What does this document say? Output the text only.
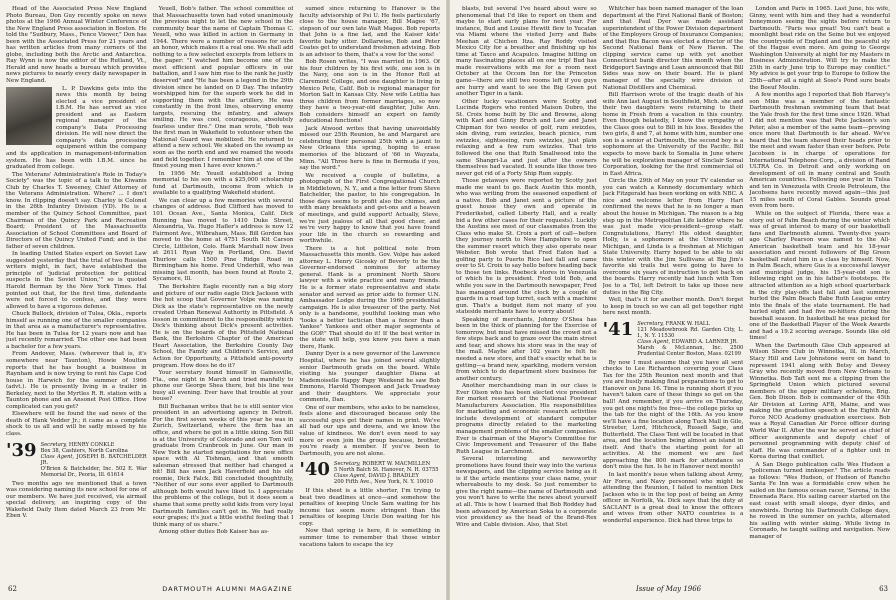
Head of the Associated Press New England Photo Bureau, Don Guy recently spoke on news photos at the 1966 Annual Winter Conference of the New England Press association in Boston. He told the "Sudbury, Mass., Fence Viewer," Don has been with the Associated Press for 21 years and has written articles from many corners of the globe, including both the Arctic and Antarctica. Ray Wynn is now the editor of the Rutland, Vt., Herald and now heads a bureau which provides news pictures to nearly every daily newspaper in New England.

L. P. Dawkins gets into the news this month by being elected a vice president of I.B.M. He has served as vice president and as Eastern regional manager of the company's Data Processing division. He will now direct the company's data processing equipment within the company and its application in management-information system. He has been with I.B.M. since he graduated from college.

The Veterans' Administration's Role in Today's Society" was the topic of a talk to the Kiwanis Club by Charles T. Sweeney, Chief Attorney of the Veterans Administration. Where? ... I don't know. In clipping doesn't say. Charley is Colonel in the 26th Infantry Division (YD). He is a member of the Quincy School Committee, past Chairman of the Quincy Park and Recreation Board; President of the Massachusetts Association of School Committees and Board of Directors of the Quincy United Fund; and is the father of seven children.

In leading United States expert on Soviet Law suggested yesterday that the trial of two Russian writers might, in fact, have established the principle of 'judicial protection for political suspects in the Soviet Union,'" so is quoted Harold Berman by the New York Times. Hal pointed out that, for the first time, defendants were not forced to confess, and they were allowed to have a vigorous defense.

Chuck Bullock, division of Tulsa, Okla., reports himself as running one of the smaller companies in that area as a manufacturer's representative. He has been in Tulsa for 12 years now and has just recently remarried. The other one had been a bachelor for a few years.

From Andover, Mass. (wherever that is, it's somewhere near Taunton), Howie Moulton reports that he has bought a business in Raynham and is now trying to rent his Cape Cod house in Harwich for the summer of 1966 (advt.). He is presently living in a trailer in Berkeley, next to the Myrtles R. R. station with a Taunton phone and an Ansonet Post Office. How complicated can you get?

Elsewhere will be found the sad news of the death of Hank Vedder Jr.; it came as a complete shock to us all and will be sadly missed by his class.

'39 Secretary, HENRY CONKLE
Box 38, Cashiers, North Carolina
Class Agent, JOSEPH B. BATCHELDER JR.
O'Brien & Batchelder, Inc. 502 E. War Memorial Dr., Peoria, Ill. 61614

Two months ago we mentioned that a town was considering naming its new school for one of our members. We have just received, via airmail special delivery, an inspiring copy of the Wakefield Daily Item dated March 23 from Mr. Eben V.

Yeuell, Bob's father. The school committee of that Massachusetts town had voted unanimously the previous night to let the new school in the community bear the name of Captain Thomas C. Yeuell, who was killed in action in Germany in 1944. There were a number of reasons for such an honor, which makes it a real one. We shall add nothing to a few selected excerpts from letters in the paper: "I watched him become one of the most efficient and popular officers in our battalion, and I saw him rise to the rank he justly deserved" and "He has been a legend in the 29th division since he landed on D Day. The infantry worshipped him for the superb work he did in supporting them with the artillery. He was constantly in the front lines, observing enemy targets, rescuing the infantry, and always smiling. He was cool, courageous, absolutely fearless under fire." One man wrote, "Bob was the first man in Wakefield to volunteer when the National Guard was mobilized. He returned to attend a new school. We skated on the swamp as soon as the north end and we roamed the woods and field together. I remember him at one of the finest young men I have ever known."

In 1956 Mr. Yeuell established a living memorial to his son with a $25,000 scholarship fund at Dartmouth, income from which is available to a qualifying Wakefield student.

We can clear up a few memories with several changes of address. Bud Clifford has moved to 101 Ocean Ave., Santa Monica, Calif. Dick Bunning has moved to 1410 Duke Street, Alexandria, Va. Hugo Hafler's address is now 12 Fairmont Ave., Wilbraham, Mass. Bill Gordon has moved to the home at 4751 South Kit Carson Circle, Littleton, Colo. Hank Marshall now lives at 2611 Ryan Way in Portland, Ore. David Thurlow calls 1500 Pine Ridge Road in Birmingham his home. Fred Underhill, who was missing last month, has been found at Route 2, Sycamore, Ill.

The Berkshire Eagle recently ran a big story and picture of our radio eagle Dick Jackson with the hot scoop that Governor Volpe was naming Dick as the state's representative on the newly created Urban Renewal Authority in Pittsfield. A lesson in commitment to the responsibility which Dick's thinking about Dick's present activities. He is on the boards of the Pittsfield National Bank, the Berkshire Chapter of the American Heart Association, the Berkshire County Day School, the Family and Children's Service, and Action for Opportunity, a Pittsfield anti-poverty program. How does he do it?

Your secretary found himself in Gainesville, Fla., one night in March and tried manfully to phone our George Shea there, but his line was busy all evening. Ever have that trouble at your house?

Bill Buchanan writes that he is still senior vice president in an advertising agency in Detroit. For the first seven weeks of this year he was in Zurich, Switzerland, where the firm has an office, and where he got in a little skiing. Son Bill is at the University of Colorado and son Tom will graduate from Cranbrook in June. Our man in New York he started negotiations for new office space with Al Tishman, and that smooth salesman stressed that neither had changed a bit! Bill has seen Jack Haverfield and his old roomie, Dick Falck. Bill concluded thoughtfully, "Neither of our sons ever applied to Dartmouth although both would have liked to. I appreciate the problems of the college, but it does seem a shame that some pretty solid kids from very loyal Dartmouth families can't get in. We had really sour grapes; it's just a little wistful feeling that I think many of us share."

Among other duties Bob Kaiser has as-

sumed since returning to Hanover is the faculty advisorship of Psi U. He feels particularly close to the house manager, Bill Magee '67, stepson of our own late Walt Magee. Bob reports that John is a fine lad, and the Kaiser kids' favorite baby sitter. Dollarwise, Bob and Peter Coates get to understand freshmen advising. Bob is an advisor to them, that's a vow for the sons!

Bob Rosen writes, "I was married in 1963. Of his four children by his first wife, one son is in the Navy, one son is in the Honor Roll at Claremont College, and one daughter is living in Mexico Pete, Calif. Bob is regional manager for Morton Salt in Kansas City. New wife Letitia has three children from former marriages, so now they have a two-year-old daughter, Julie Ann. Bob considers himself an expert on family educational functions!

Jack Atwood writes that having unavoidably missed our 25th Reunion, he and Margaret are celebrating their personal 25th with a jaunt to New Orleans this spring, hoping to erase memories of the blizzard of '66 in Wayzata, Minn. "All Three here is fine in Bermuda if you, say the word."

We received a couple of bulletins, a photograph of the First Congregational Church in Middletown, N. Y., and a fine letter from Steve Batchelder, the pastor, to his congregation. In those days seems to profit also the chimes, and with many breakfasts and get-ons and a heaven of meetings, and guild support! Actually, Steve, we're just jealous of all that good cheer, and we're very happy to know that you have found your life in the church so rewarding and worthwhile.

There is a hot political note from Massachusetts this month. Gov. Volpe has asked attorney L. Henry Gicosky of Beverly to be the Governor-endorsed nominee for attorney general. Hank is a prominent North Shore lawyer with a wide practice and many friends. He is a former state representative and state senator and served as prior aide to former U.N. Ambassador Lodge during the 1960 presidential campaign. He is also treasurer of the party. Not only is a handsome, youthful looking man who "looks a better tactician than a fencer than a Yankee" Yankees and other major segments of the GOP." That should do it! If the best writer in the state will help, you know you have a man there, Hank.

Danny Dyer is a new governor of the Lawrence Hospital, where he has joined several slightly senior Dartmouth grads on the board. While visiting his younger daughter Diana at Mademoiselle Happy Papy Weekend he saw Bob Emmons, Harold Thompson and Jack Treadway and their daughters. We appreciate your comments, Dan.

One of our members, who asks to be nameless, feels alone and discouraged because only the successful guys get their names in print. We've all had our ups and downs, and we know the value of kindness. We don't even need to say more or even join the group because, brother, you're ready a member. If you've been to Dartmouth, you are not alone.

'40 Secretary, ROBERT W. MACMILLEN
5 North Balch St. Hanover, N. H. 03755
Class Agent, DAVID J. BRADLEY
200 Fifth Ave., New York, N. Y. 10010

If this sheet is a little shorter, I'm trying to beat two deadlines at once—and somehow the penalties of keeping Uncle Sam waiting for his income tax seem more stringent than the penalties of keeping Uncle Don waiting for his copy.

Now that spring is here, it is something in summer time to remember that those winter vacations taken to escape the icy

62	DARTMOUTH ALUMNI MAGAZINE

blasts, but several I've heard about were so phenomenal that I'd like to report on them and maybe to start early plans for next year. For instance, Bud and Louise Hewitt flew to Yucatan via Miami where the visited Jerry and Babs Meehan at Chichen Itza. Ray Roddy visited Mexico City for a breather and finishing up his time at Taxco and Acapulco. Imagine hitting on many fascinating places all on one trip! Bud has made reservations with me for a room next October at the Occom Inn for the Princeton game—there are still two rooms left if you guys are hurry and want to see the Big Green put another Tiger in a tank.

Other lucky vacationers were Scotty and Lucinda Rogers who rented Maison Dubro, the St. Croix home built by Dic and Browne, along with Karl and Ginny Bruch and Lew and Janet Chipman for two weeks of golf, rum swizzles, skin diving, rum swizzles, beach picnics, rum swizzles, sightseeing, rum swizzles, just plain relaxing and a few rum swizzles. That trio followed the one that Ruth Smallwood into the same Shangri-La and just after the owners themselves had vacated. It sounds like those two never got rid of a Forty Ship Rum supply.

Those getaways were reported by Scotty just made me want to go. Back Austin this month, who was writing from the seasoned expedient of a native. Bob and Janet sent a picture of the guest house they own and operate in Frederiksted, called Liberty Hall, and a really bid a few other cases for their requests). Luckily the Austins see most of our classmates from the Class who make St. Croix a port of call—before they journey north to New Hampshire to open the summer resort which they also operate near Webster. Bob wrote that Fred Eaton had a golfing party to Puerto Rico last fall and came over to St. Croix to say hello before heading back to those ten links. Roebeck stores in Venezuela of which he is president. Fred told Bob, and while you saw in the Dartmouth newspaper, Fred has managed around the clock by a couple of guards in a road top turret, each with a machine gun. That's a budget item not many of you stateside merchants have to worry about!

Speaking of merchants, Johnny O'Shea has been in the thick of planning for the Exercise of tomorrow, but must have missed the crowd not a few steps back and to graze over the main street and tear, and shows his store was in the way of the mall. Maybe after 102 years he felt he needed a new store, and that's exactly what he is getting—a brand new, sparkling, modern version from which to do department store business for another century.

Another merchandising man in our class is Ever Olson who has been elected vice president for market research of the National Footwear Manufacturers Association. His responsibilities for marketing and economic research activities include development of standard computer programs directly related to the marketing management problems of the smaller companies. Ever is chairman of the Mayor's Committee for Civic Improvement and Treasurer of the Babe Ruth League in Larchmont.

Several interesting and newsworthy promotions have found their way into the various newspapers, and the clipping service being as it is if the article mentions your class name, your whereabouts to my desk. So just remember to give the right name—the name of Dartmouth and you won't have to write the news about yourself at all. This is how I learned that Bob Roddey had been advanced by American Soka to a corporate vice presidency as the head of the Brand-Rex Wire and Cable division. Also, that Stet

Whitcher has been named manager of the loan department at the First National Bank of Boston; and that Paul Dyer was made assistant superintendent of the Power Division department of the Employers Group of Insurance Companies; and that Bus Bacon was elected a director of the Second National Bank of New Haven. The clipping service came up with yet another Connecticut bank director this month when the Bridgeport Savings and Loan announced that Bill Sides was now on their board. He is plant manager of the specialty wire division of National Distillers and Chemical.

Bill Harrison wrote of the tragic death of his wife Ann last August in Southfield, Mich. she and their two daughters were returning to their home in Fresh from a vacation in this country. Even though belatedly, I know the sympathy of the Class goes out to Bill in his loss. Besides the two girls, 8 and 7, at home with him, number one son is a senior at Dartmouth, the second boy is a sophomore at the University of the Pacific. Bill expects to move back to Somalia in June where he will be exploration manager of Sinclair Somal Corporation, looking for the first commercial oil in East Africa.

Circle the 29th of May on your TV calendar so you can watch a Kennedy documentary which Jack Fitzgerald has been working on with NBC. A nice and welcome letter from Harry Hart confirmed the news that he is no longer a man about the house in Michigan. The reason is a big step up in the Metropolitan Life ladder where he was just made vice-president—group staff. Congratulations, Harry! His oldest daughter, Holly, is a sophomore at the University of Michigan, and Linda is a freshman at Michigan State University. Harry hoped to be able to ski this winter with the Jim Sullivans at Big Jim's favorite ski trails but were going to have to overcome six years of instruction to get back on the boards. Harry recently had lunch with Tom Joe to a 'Tel, left Detroit to take up those new duties in the Big City.

Well, that's it for another month. Don't forget to keep in touch so we can all get together right here next month.

'41 Secretary, FRANK W. HALL
121 Meadowbrook Rd. Garden City, L. I., N. Y. 11530
Class Agent, EDWARD A. LARNER JR.
Marsh & McLennan, Inc. 2500 Prudential Center Boston, Mass. 02199

By now I must assume that you have all sent checks to Lee Richardson covering your Class Tax for the 25th Reunion next month and that you are busily making final preparations to get to Hanover on June 16. Time is running short if you haven't taken care of these things so get on the ball! And remember, if you arrive on Thursday, you get one night's fee free—the college picks up the tab for the night of the 16th. As you know we'll have a fine location along Tuck Mall in Gile, Streeter, Lord, Hitchcock, Russell Sage, and Butterfield. The Class Tent will be located in that area, and the location being almost an island in itself. And that's the starting point for all activities. At the moment we are fast approaching the 800 mark for attendance so don't miss the fun. Is he in Hanover next month!

In last month's issue when talking about Army, Air Force, and Navy personnel who might be attending the Reunion, I failed to mention Dick Jackson who is in the top post of being an Army officer in Norfolk, Va. Dick says that the duty at SACLANT is a great deal to know the officers and wives from other NATO countries is a wonderful experience. Dick had three trips to

London and Paris in 1965. Last June, his wife, Ginny, went with him and they had a wonderful honeymoon seeing the sights before return to Dartmouth. "Paris was great! You can't beat a moonlight boat ride on the Seine but we enjoyed the countryside of England and the peaceful sty of the Hague even more. Am going to George Washington University at night for my Masters in Business Administration. Will try to make the 25th in early June trip to Europe may conflict." My advice is get your trip to Europe to follow the 25th—after all a night at Soso's Pond sure beats the Boeuf Moulin.

A few months ago I reported that Bob Harvey's son Mike was a member of the fantastic Dartmouth freshman swimming team that beat the Yale frosh for the first time since 1926. What I did not mention was that Pete Jackson's son Peter, also a member of the same team—proving once more that Dartmouth is far ahead. We've heard that the team shaved their heads prior to the meet and swam faster than ever before. Pete Jacobsen is in charge of operations for International Telephone Corp., a division of Rand ULTRA Co. in Detroit and only working on development of oil in many central and South American countries. Following one year in Tulsa and ten in Venezuela with Creole Petroleum, the Jacobsens have recently moved again—this just 15 miles south of Coral Gables. Sounds great even from here.

While on the subject of Florida, there was a story out of Palm Beach during the winter which was of great interest to many of our basketball fans and Dartmouth alumni. Twenty-five years ago Charley Pearson was named to the All-American basketball team and his 18-year association and recent followers of Big Green basketball rated him in a class by himself. Now, in Palm Beach, where Gus is a successful lawyer and municipal judge, his 15-year-old son is following right on in his father's footsteps. He attracted attention as a high school quarterback in the city play-offs last fall and last summer hurled the Palm Beach Babe Ruth League entry into the finals of the state tournament. He had hurled eight and had five no-hitters during the baseball season. In basketball he was picked for one of the Basketball Player of the Week Awards and had a 19.2 scoring average. Sounds like old times!

When the Dartmouth Glee Club appeared at Wilson Shore Club in Winnetka, Ill. in March, Stacy Hill and Lew Johnstone were on hand to represent 1941 along with Betsy and Dewey Gray who recently moved from New Orleans to Winnetka. Bob Taft sent me a clipping from the Springfield Union which pictured several members of the upper military echelons, Brig. Gen. Bob Dixon. Bob is commander of the 45th Air Division at Loring AFB, Maine, and was making the graduation speech at the Eighth Air Force NCO Academy graduation exercises. Bob was a Royal Canadian Air Force officer during World War II. After the war he served as chief of officer assignments and deputy chief of personnel programming with deputy chief of staff. He was commander of a fighter unit in Korea during that conflict.

A San Diego publication calls Wes Hudson a "policeman turned innkeeper." The article reads as follows: "Wes Hudson, of Hudson of Rancho Santa Fe Inn was a formidable crew when he sailed on the famous ocean racer, 'Serena,' in the Ensenada Race. His sailing career started on the east coast with small sloops, dyer dinks, and snowbirds. During his Dartmouth College days, he rowed in the summer on yachts, alternated his sailing with winter skiing. While living in Coronado, he taught sailing and navigation. Now manager of

Issue of May 1966	63
